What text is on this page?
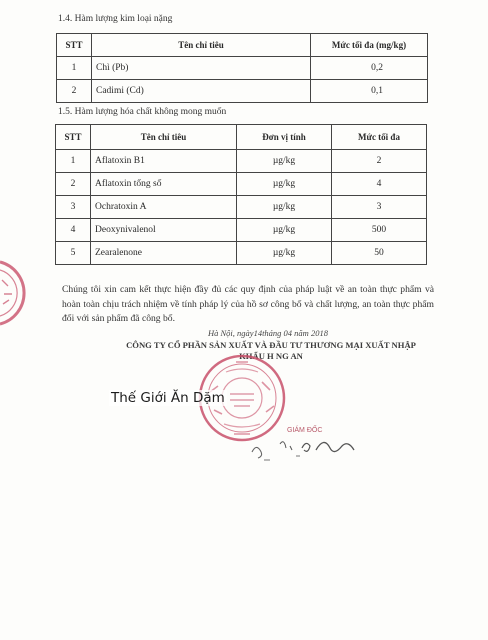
1.4. Hàm lượng kim loại nặng
STT	Tên chỉ tiêu	Mức tối đa (mg/kg)
1	Chì (Pb)	0,2
2	Cadimi (Cd)	0,1
1.5. Hàm lượng hóa chất không mong muốn
STT	Tên chỉ tiêu	Đơn vị tính	Mức tối đa
1	Aflatoxin B1	µg/kg	2
2	Aflatoxin tổng số	µg/kg	4
3	Ochratoxin A	µg/kg	3
4	Deoxynivalenol	µg/kg	500
5	Zearalenone	µg/kg	50
Chúng tôi xin cam kết thực hiện đầy đủ các quy định của pháp luật về an toàn thực phẩm và hoàn toàn chịu trách nhiệm về tính pháp lý của hồ sơ công bố và chất lượng, an toàn thực phẩm đối với sản phẩm đã công bố.
Hà Nội, ngày14tháng 04 năm 2018
CÔNG TY CỔ PHẦN SẢN XUẤT VÀ ĐẦU TƯ THƯƠNG MẠI XUẤT NHẬP
KHẨU H NG AN
GIÁM ĐỐC
Thế Giới Ăn Dặm
